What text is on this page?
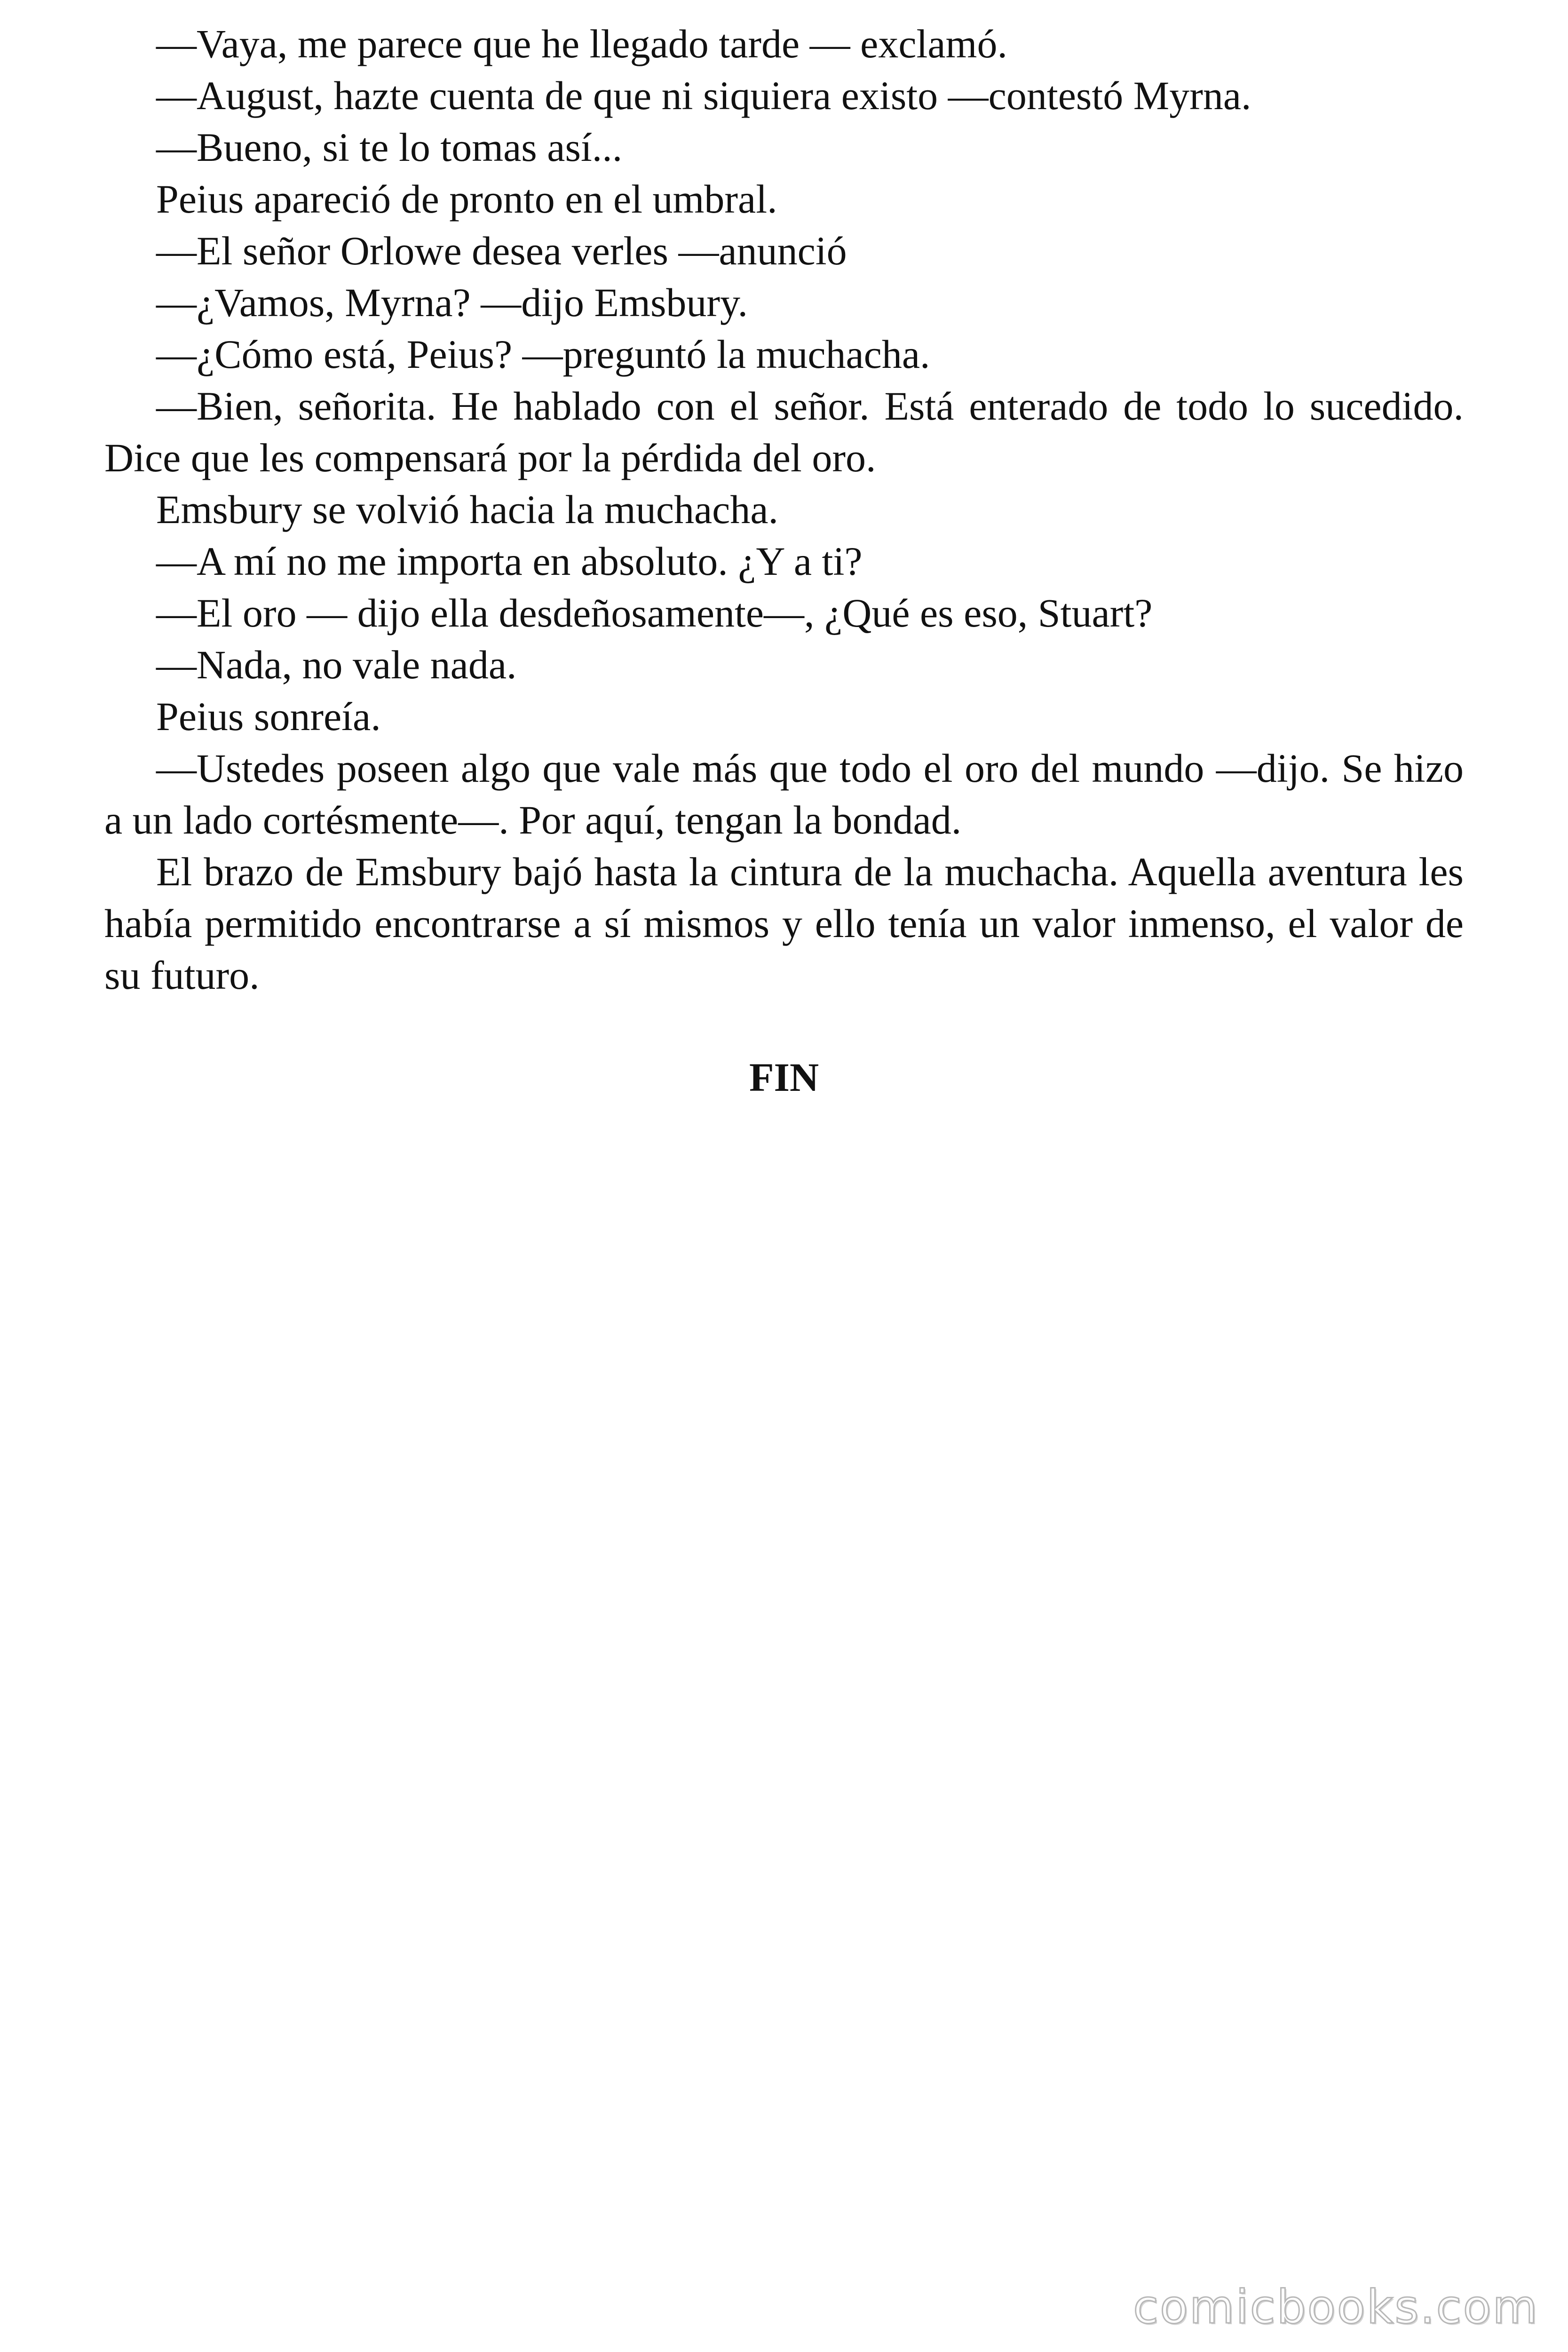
—Vaya, me parece que he llegado tarde — exclamó.

—August, hazte cuenta de que ni siquiera existo —contestó Myrna.

—Bueno, si te lo tomas así...

Peius apareció de pronto en el umbral.

—El señor Orlowe desea verles —anunció

—¿Vamos, Myrna? —dijo Emsbury.

—¿Cómo está, Peius? —preguntó la muchacha.

—Bien, señorita. He hablado con el señor. Está enterado de todo lo sucedido. Dice que les compensará por la pérdida del oro.

Emsbury se volvió hacia la muchacha.

—A mí no me importa en absoluto. ¿Y a ti?

—El oro — dijo ella desdeñosamente—, ¿Qué es eso, Stuart?

—Nada, no vale nada.

Peius sonreía.

—Ustedes poseen algo que vale más que todo el oro del mundo —dijo. Se hizo a un lado cortésmente—. Por aquí, tengan la bondad.

El brazo de Emsbury bajó hasta la cintura de la muchacha. Aquella aventura les había permitido encontrarse a sí mismos y ello tenía un valor inmenso, el valor de su futuro.

FIN
comicbooks.com
